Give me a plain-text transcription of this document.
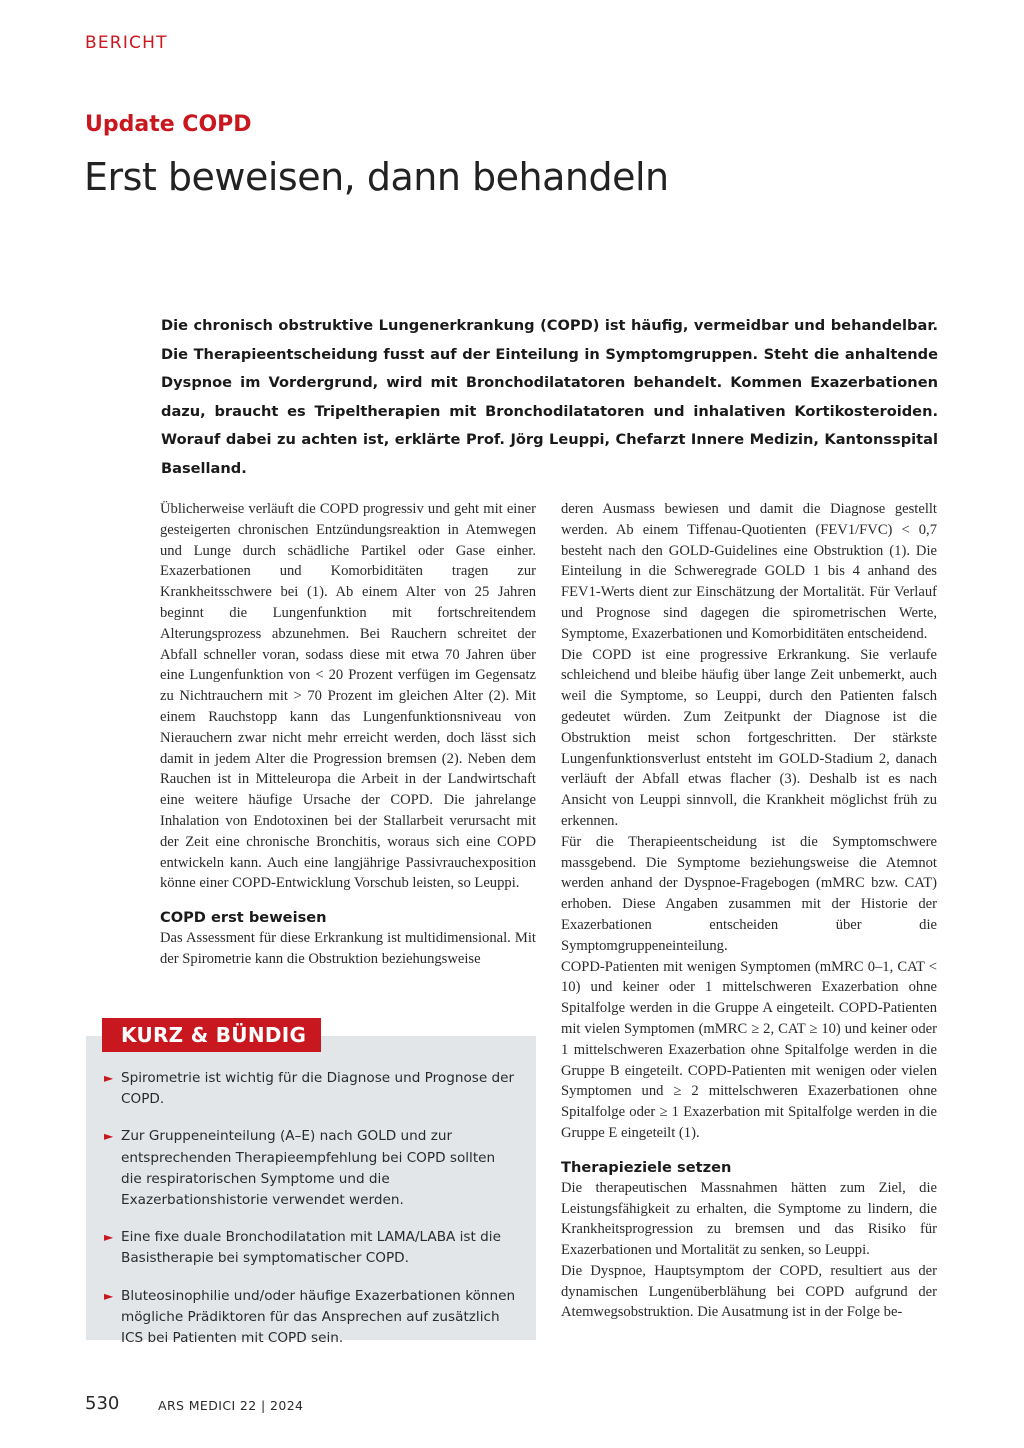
BERICHT
Update COPD
Erst beweisen, dann behandeln

Die chronisch obstruktive Lungenerkrankung (COPD) ist häufig, vermeidbar und behandelbar. Die Therapieentscheidung fusst auf der Einteilung in Symptomgruppen. Steht die anhaltende Dyspnoe im Vordergrund, wird mit Bronchodilatatoren behandelt. Kommen Exazerbationen dazu, braucht es Tripeltherapien mit Bronchodilatatoren und inhalativen Kortikosteroiden. Worauf dabei zu achten ist, erklärte Prof. Jörg Leuppi, Chefarzt Innere Medizin, Kantonsspital Baselland.

Üblicherweise verläuft die COPD progressiv und geht mit einer gesteigerten chronischen Entzündungsreaktion in Atemwegen und Lunge durch schädliche Partikel oder Gase einher. Exazerbationen und Komorbiditäten tragen zur Krankheitsschwere bei (1). Ab einem Alter von 25 Jahren beginnt die Lungenfunktion mit fortschreitendem Alterungsprozess abzunehmen. Bei Rauchern schreitet der Abfall schneller voran, sodass diese mit etwa 70 Jahren über eine Lungenfunktion von < 20 Prozent verfügen im Gegensatz zu Nichtrauchern mit > 70 Prozent im gleichen Alter (2). Mit einem Rauchstopp kann das Lungenfunktionsniveau von Nierauchern zwar nicht mehr erreicht werden, doch lässt sich damit in jedem Alter die Progression bremsen (2). Neben dem Rauchen ist in Mitteleuropa die Arbeit in der Landwirtschaft eine weitere häufige Ursache der COPD. Die jahrelange Inhalation von Endotoxinen bei der Stallarbeit verursacht mit der Zeit eine chronische Bronchitis, woraus sich eine COPD entwickeln kann. Auch eine langjährige Passivrauchexposition könne einer COPD-Entwicklung Vorschub leisten, so Leuppi.

COPD erst beweisen

Das Assessment für diese Erkrankung ist multidimensional. Mit der Spirometrie kann die Obstruktion beziehungsweise

► Spirometrie ist wichtig für die Diagnose und Prognose der COPD.
► Zur Gruppeneinteilung (A–E) nach GOLD und zur entsprechenden Therapieempfehlung bei COPD sollten die respiratorischen Symptome und die Exazerbationshistorie verwendet werden.
► Eine fixe duale Bronchodilatation mit LAMA/LABA ist die Basistherapie bei symptomatischer COPD.
► Bluteosinophilie und/oder häufige Exazerbationen können mögliche Prädiktoren für das Ansprechen auf zusätzlich ICS bei Patienten mit COPD sein.
KURZ & BÜNDIG

deren Ausmass bewiesen und damit die Diagnose gestellt werden. Ab einem Tiffenau-Quotienten (FEV1/FVC) < 0,7 besteht nach den GOLD-Guidelines eine Obstruktion (1). Die Einteilung in die Schweregrade GOLD 1 bis 4 anhand des FEV1-Werts dient zur Einschätzung der Mortalität. Für Verlauf und Prognose sind dagegen die spirometrischen Werte, Symptome, Exazerbationen und Komorbiditäten entscheidend.

Die COPD ist eine progressive Erkrankung. Sie verlaufe schleichend und bleibe häufig über lange Zeit unbemerkt, auch weil die Symptome, so Leuppi, durch den Patienten falsch gedeutet würden. Zum Zeitpunkt der Diagnose ist die Obstruktion meist schon fortgeschritten. Der stärkste Lungenfunktionsverlust entsteht im GOLD-Stadium 2, danach verläuft der Abfall etwas flacher (3). Deshalb ist es nach Ansicht von Leuppi sinnvoll, die Krankheit möglichst früh zu erkennen.

Für die Therapieentscheidung ist die Symptomschwere massgebend. Die Symptome beziehungsweise die Atemnot werden anhand der Dyspnoe-Fragebogen (mMRC bzw. CAT) erhoben. Diese Angaben zusammen mit der Historie der Exazerbationen entscheiden über die Symptomgruppeneinteilung.

COPD-Patienten mit wenigen Symptomen (mMRC 0–1, CAT < 10) und keiner oder 1 mittelschweren Exazerbation ohne Spitalfolge werden in die Gruppe A eingeteilt. COPD-Patienten mit vielen Symptomen (mMRC ≥ 2, CAT ≥ 10) und keiner oder 1 mittelschweren Exazerbation ohne Spitalfolge werden in die Gruppe B eingeteilt. COPD-Patienten mit wenigen oder vielen Symptomen und ≥ 2 mittelschweren Exazerbationen ohne Spitalfolge oder ≥ 1 Exazerbation mit Spitalfolge werden in die Gruppe E eingeteilt (1).

Therapieziele setzen

Die therapeutischen Massnahmen hätten zum Ziel, die Leistungsfähigkeit zu erhalten, die Symptome zu lindern, die Krankheitsprogression zu bremsen und das Risiko für Exazerbationen und Mortalität zu senken, so Leuppi.

Die Dyspnoe, Hauptsymptom der COPD, resultiert aus der dynamischen Lungenüberblähung bei COPD aufgrund der Atemwegsobstruktion. Die Ausatmung ist in der Folge be-

530	ARS MEDICI 22 | 2024
